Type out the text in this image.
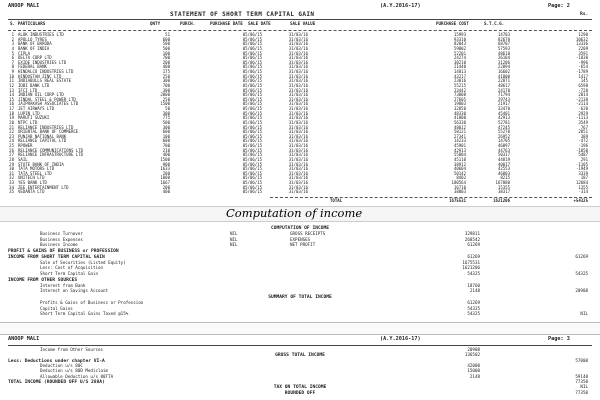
ANOOP MALI	(A.Y.2016-17)	Page: 2
Rs.
STATEMENT OF SHORT TERM CAPITAL GAIN
S. PARTICULARS	QNTY	PURCH.	PURCHASE DATE	SALE DATE	SALE VALUE	PURCHASE COST	S.T.C.G.
1 ALOK INDUSTRIES LTD	51	05/06/15	31/03/16	15993	14703	1290
2 APOLLO TYRES	600	05/06/15	31/03/16	93310	82678	10632
3 BANK OF BARODA	500	05/06/15	31/03/16	82043	68707	13336
4 BANK OF INDIA	500	05/06/15	31/03/16	59802	57593	2209
5 CIPLA	100	05/06/15	31/03/16	52201	48610	3591
6 DELTA CORP LTD	700	05/06/15	31/03/16	24274	26104	-1830
7 EXIDE INDUSTRIES LTD	200	05/06/15	31/03/16	30210	31206	-996
8 FEDERAL BANK	400	05/06/15	31/03/16	21440	22094	-654
9 HINDALCO INDUSTRIES LTD	175	05/06/15	31/03/16	14813	16602	-1789
10 HINDUSTAN ZINC LTD	250	05/06/15	31/03/16	43217	41800	1417
11 INDIABULLS REAL ESTATE	300	05/06/15	31/03/16	23016	22871	145
12 IDBI BANK LTD	700	05/06/15	31/03/16	55215	48617	6598
13 IFCI LTD	300	05/06/15	31/03/16	23442	24170	-728
14 INDIAN OIL CORP LTD	2000	05/06/15	31/03/16	73808	71794	2014
15 JINDAL STEEL & POWER LTD	250	05/06/15	31/03/16	27605	29743	-2138
16 JAIPRAKASH ASSOCIATES LTD	1500	05/06/15	31/03/16	19803	21917	-2114
17 JET AIRWAYS LTD	50	05/06/15	31/03/16	32850	33470	-620
18 LUPIN LTD	300	05/06/15	31/03/16	48330	45401	2929
19 MARUTI SUZUKI	775	05/06/15	31/03/16	41800	42913	-1113
20 NTPC LTD	500	05/06/15	31/03/16	56330	52781	3549
21 RELIANCE INDUSTRIES LTD	300	05/06/15	31/03/16	48012	47245	767
22 ORIENTAL BANK OF COMMERCE	600	05/06/15	31/03/16	58121	55270	2851
23 PUNJAB NATIONAL BANK	100	05/06/15	31/03/16	27341	26952	389
24 RELIANCE CAPITAL LTD	600	05/06/15	31/03/16	14233	14705	-472
25 RPOWER	700	05/06/15	31/03/16	45901	46097	-196
26 RELIANCE COMMUNICATIONS LTD	210	05/06/15	31/03/16	42913	44763	-1850
27 RELIANCE INFRASTRUCTURE LTD	400	05/06/15	31/03/16	55804	50317	5487
28 SAIL	1500	05/06/15	31/03/16	45110	44819	291
29 STATE BANK OF INDIA	900	05/06/15	31/03/16	38912	40017	-1105
30 TATA MOTORS LTD	1633	05/06/15	31/03/16	40604	42553	-1949
31 TATA STEEL LTD	200	05/06/15	31/03/16	50142	46803	3339
32 UNITECH LTD	1000	05/06/15	31/03/16	8402	8215	187
33 YES BANK LTD	1667	05/06/15	31/03/16	180564	167880	12684
34 ZEE ENTERTAINMENT LTD	200	05/06/15	31/03/16	16710	15355	1355
35 VEDANTA LTD	400	05/06/15	31/03/16	38003	38317	-314
TOTAL	1675531	1621206	+54325
Computation of income
COMPUTATION OF INCOME
Business Turnover	NIL	GROSS RECEIPTS	329811
Business Expenses	NIL	EXPENSES	268542
Business Income	NIL	NET PROFIT	61269
PROFIT & GAINS OF BUSINESS or PROFESSION
INCOME FROM SHORT TERM CAPITAL GAIN	61269	61269
Sale of Securities (Listed Equity)	1675531
Less: Cost of Acquisition	1621206
Short Term Capital Gain	54325	54325
INCOME FROM OTHER SOURCES
Interest from Bank	18760
Interest on Savings Account	2148	20908
SUMMARY OF TOTAL INCOME
Profits & Gains of Business or Profession	61269
Capital Gains	54325
Short Term Capital Gains Taxed @15%	54325	NIL
ANOOP MALI	(A.Y.2016-17)	Page: 3
Income from Other Sources	20908
GROSS TOTAL INCOME	136502
Less: Deductions under chapter VI-A	57000
Deduction u/s 80C	42000
Deduction u/s 80D Mediclaim	15000
Allowable Deduction u/s 80TTA	2148	59148
TOTAL INCOME (ROUNDED OFF U/S 288A)	77350
TAX ON TOTAL INCOME	NIL
ROUNDED OFF	77350
